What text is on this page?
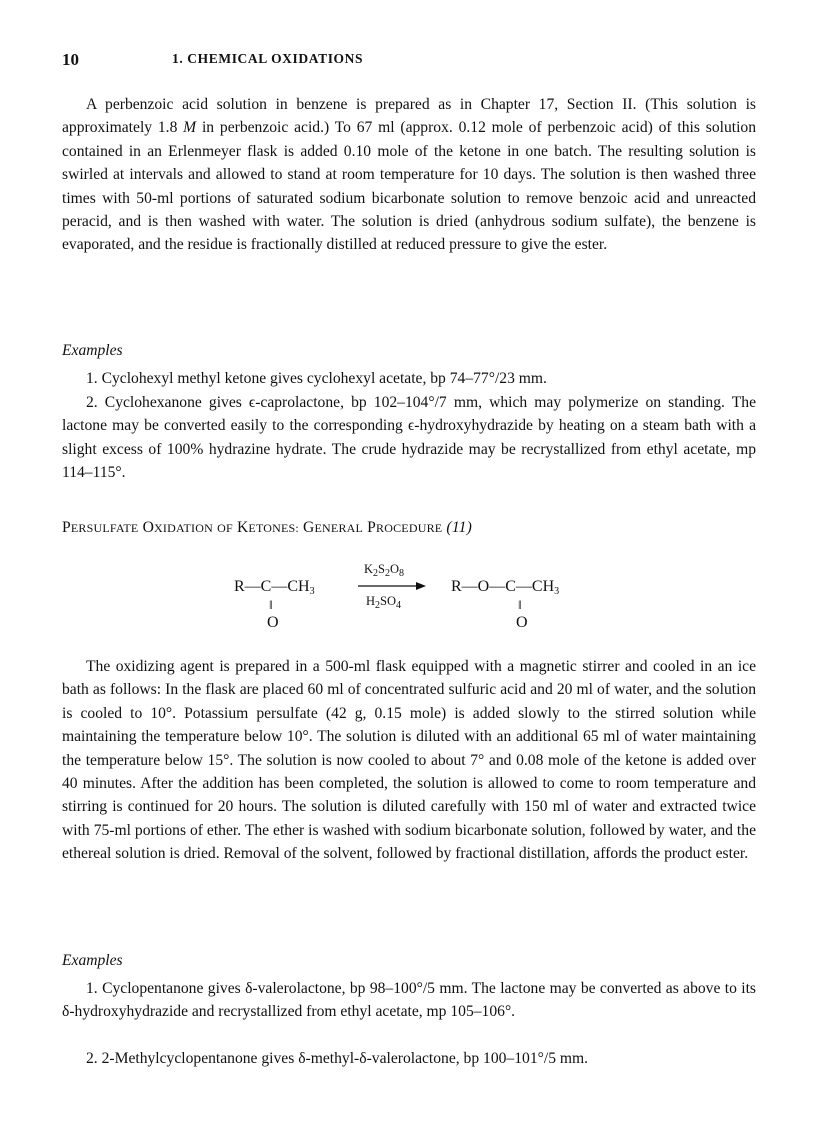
10	1. CHEMICAL OXIDATIONS

A perbenzoic acid solution in benzene is prepared as in Chapter 17, Section II. (This solution is approximately 1.8 M in perbenzoic acid.) To 67 ml (approx. 0.12 mole of perbenzoic acid) of this solution contained in an Erlenmeyer flask is added 0.10 mole of the ketone in one batch. The resulting solution is swirled at intervals and allowed to stand at room temperature for 10 days. The solution is then washed three times with 50-ml portions of saturated sodium bicarbonate solution to remove benzoic acid and unreacted peracid, and is then washed with water. The solution is dried (anhydrous sodium sulfate), the benzene is evaporated, and the residue is fractionally distilled at reduced pressure to give the ester.

Examples

1. Cyclohexyl methyl ketone gives cyclohexyl acetate, bp 74–77°/23 mm.

2. Cyclohexanone gives ϵ-caprolactone, bp 102–104°/7 mm, which may polymerize on standing. The lactone may be converted easily to the corresponding ϵ-hydroxyhydrazide by heating on a steam bath with a slight excess of 100% hydrazine hydrate. The crude hydrazide may be recrystallized from ethyl acetate, mp 114–115°.

PERSULFATE OXIDATION OF KETONES: GENERAL PROCEDURE (11)
$R—C—CH_3$
‖
O
$K_2S_2O_8$
$H_2SO_4$
$R—O—C—CH_3$
‖
O

The oxidizing agent is prepared in a 500-ml flask equipped with a magnetic stirrer and cooled in an ice bath as follows: In the flask are placed 60 ml of concentrated sulfuric acid and 20 ml of water, and the solution is cooled to 10°. Potassium persulfate (42 g, 0.15 mole) is added slowly to the stirred solution while maintaining the temperature below 10°. The solution is diluted with an additional 65 ml of water maintaining the temperature below 15°. The solution is now cooled to about 7° and 0.08 mole of the ketone is added over 40 minutes. After the addition has been completed, the solution is allowed to come to room temperature and stirring is continued for 20 hours. The solution is diluted carefully with 150 ml of water and extracted twice with 75-ml portions of ether. The ether is washed with sodium bicarbonate solution, followed by water, and the ethereal solution is dried. Removal of the solvent, followed by fractional distillation, affords the product ester.

Examples

1. Cyclopentanone gives δ-valerolactone, bp 98–100°/5 mm. The lactone may be converted as above to its δ-hydroxyhydrazide and recrystallized from ethyl acetate, mp 105–106°.

2. 2-Methylcyclopentanone gives δ-methyl-δ-valerolactone, bp 100–101°/5 mm.
